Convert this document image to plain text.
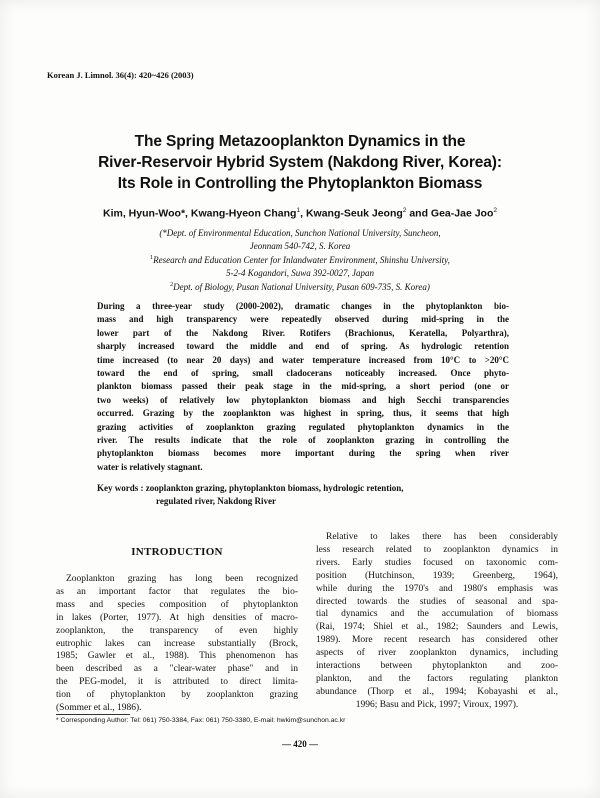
Korean J. Limnol. 36(4): 420~426 (2003)
The Spring Metazooplankton Dynamics in the
River-Reservoir Hybrid System (Nakdong River, Korea):
Its Role in Controlling the Phytoplankton Biomass
Kim, Hyun-Woo*, Kwang-Hyeon Chang$^1$, Kwang-Seuk Jeong$^2$ and Gea-Jae Joo$^2$
(*Dept. of Environmental Education, Sunchon National University, Suncheon,
Jeonnam 540-742, S. Korea
$^1$Research and Education Center for Inlandwater Environment, Shinshu University,
5-2-4 Kogandori, Suwa 392-0027, Japan
$^2$Dept. of Biology, Pusan National University, Pusan 609-735, S. Korea)
During a three-year study (2000-2002), dramatic changes in the phytoplankton bio-
mass and high transparency were repeatedly observed during mid-spring in the
lower part of the Nakdong River. Rotifers (Brachionus, Keratella, Polyarthra),
sharply increased toward the middle and end of spring. As hydrologic retention
time increased (to near 20 days) and water temperature increased from 10°C to >20°C
toward the end of spring, small cladocerans noticeably increased. Once phyto-
plankton biomass passed their peak stage in the mid-spring, a short period (one or
two weeks) of relatively low phytoplankton biomass and high Secchi transparencies
occurred. Grazing by the zooplankton was highest in spring, thus, it seems that high
grazing activities of zooplankton grazing regulated phytoplankton dynamics in the
river. The results indicate that the role of zooplankton grazing in controlling the
phytoplankton biomass becomes more important during the spring when river
water is relatively stagnant.
Key words : zooplankton grazing, phytoplankton biomass, hydrologic retention,
regulated river, Nakdong River
INTRODUCTION
Zooplankton grazing has long been recognized
as an important factor that regulates the bio-
mass and species composition of phytoplankton
in lakes (Porter, 1977). At high densities of macro-
zooplankton, the transparency of even highly
eutrophic lakes can increase substantially (Brock,
1985; Gawler et al., 1988). This phenomenon has
been described as a "clear-water phase" and in
the PEG-model, it is attributed to direct limita-
tion of phytoplankton by zooplankton grazing
(Sommer et al., 1986).
Relative to lakes there has been considerably
less research related to zooplankton dynamics in
rivers. Early studies focused on taxonomic com-
position (Hutchinson, 1939; Greenberg, 1964),
while during the 1970's and 1980's emphasis was
directed towards the studies of seasonal and spa-
tial dynamics and the accumulation of biomass
(Rai, 1974; Shiel et al., 1982; Saunders and Lewis,
1989). More recent research has considered other
aspects of river zooplankton dynamics, including
interactions between phytoplankton and zoo-
plankton, and the factors regulating plankton
abundance (Thorp et al., 1994; Kobayashi et al.,
1996; Basu and Pick, 1997; Viroux, 1997).
* Corresponding Author: Tel: 061) 750-3384, Fax: 061) 750-3380, E-mail: hwkim@sunchon.ac.kr
— 420 —
